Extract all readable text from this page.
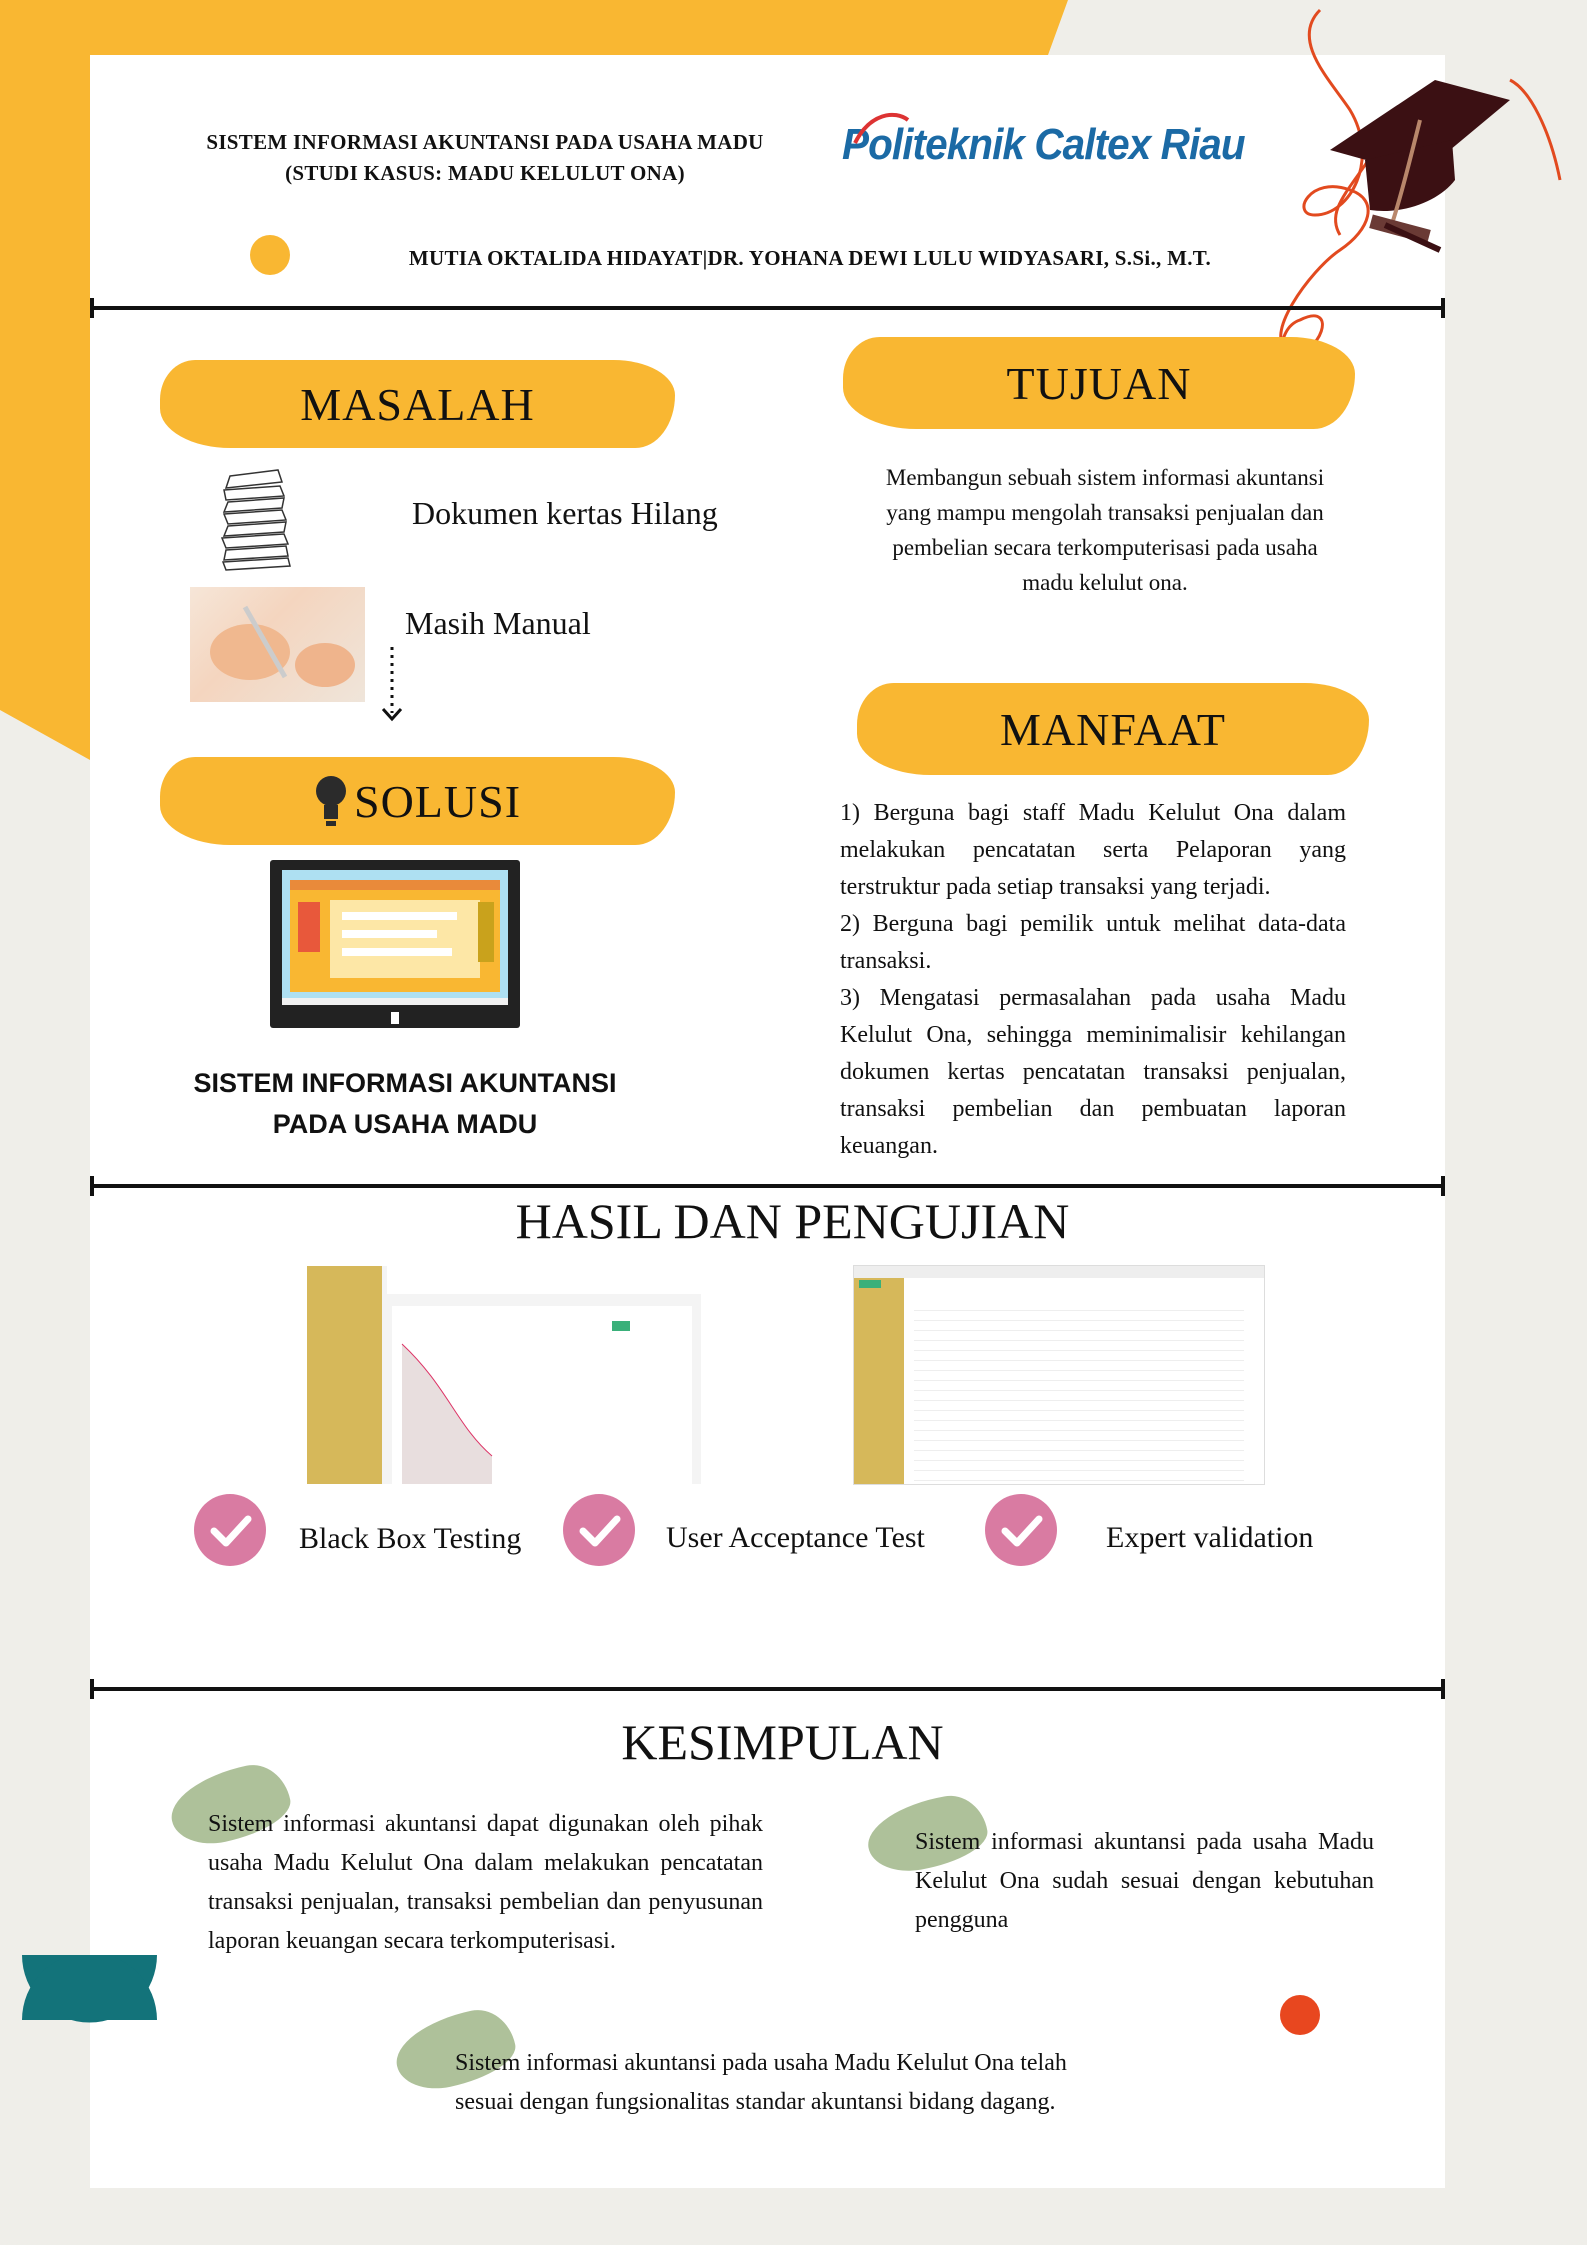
SISTEM INFORMASI AKUNTANSI PADA USAHA MADU
(STUDI KASUS: MADU KELULUT ONA)
Politeknik Caltex Riau
MUTIA OKTALIDA HIDAYAT|DR. YOHANA DEWI LULU WIDYASARI, S.Si., M.T.
MASALAH
Dokumen kertas Hilang
Masih Manual
SOLUSI
SISTEM INFORMASI AKUNTANSI
PADA USAHA MADU
TUJUAN
Membangun sebuah sistem informasi akuntansi
yang mampu mengolah transaksi penjualan dan
pembelian secara terkomputerisasi pada usaha
madu kelulut ona.
MANFAAT
1) Berguna bagi staff Madu Kelulut Ona dalam melakukan pencatatan serta Pelaporan yang terstruktur pada setiap transaksi yang terjadi.
2) Berguna bagi pemilik untuk melihat data-data transaksi.
3) Mengatasi permasalahan pada usaha Madu Kelulut Ona, sehingga meminimalisir kehilangan dokumen kertas pencatatan transaksi penjualan, transaksi pembelian dan pembuatan laporan keuangan.
HASIL DAN PENGUJIAN
Black Box Testing	User Acceptance Test	Expert validation
KESIMPULAN
Sistem informasi akuntansi dapat digunakan oleh pihak usaha Madu Kelulut Ona dalam melakukan pencatatan transaksi penjualan, transaksi pembelian dan penyusunan laporan keuangan secara terkomputerisasi.
Sistem informasi akuntansi pada usaha Madu Kelulut Ona sudah sesuai dengan kebutuhan pengguna
Sistem informasi akuntansi pada usaha Madu Kelulut Ona telah
sesuai dengan fungsionalitas standar akuntansi bidang dagang.
